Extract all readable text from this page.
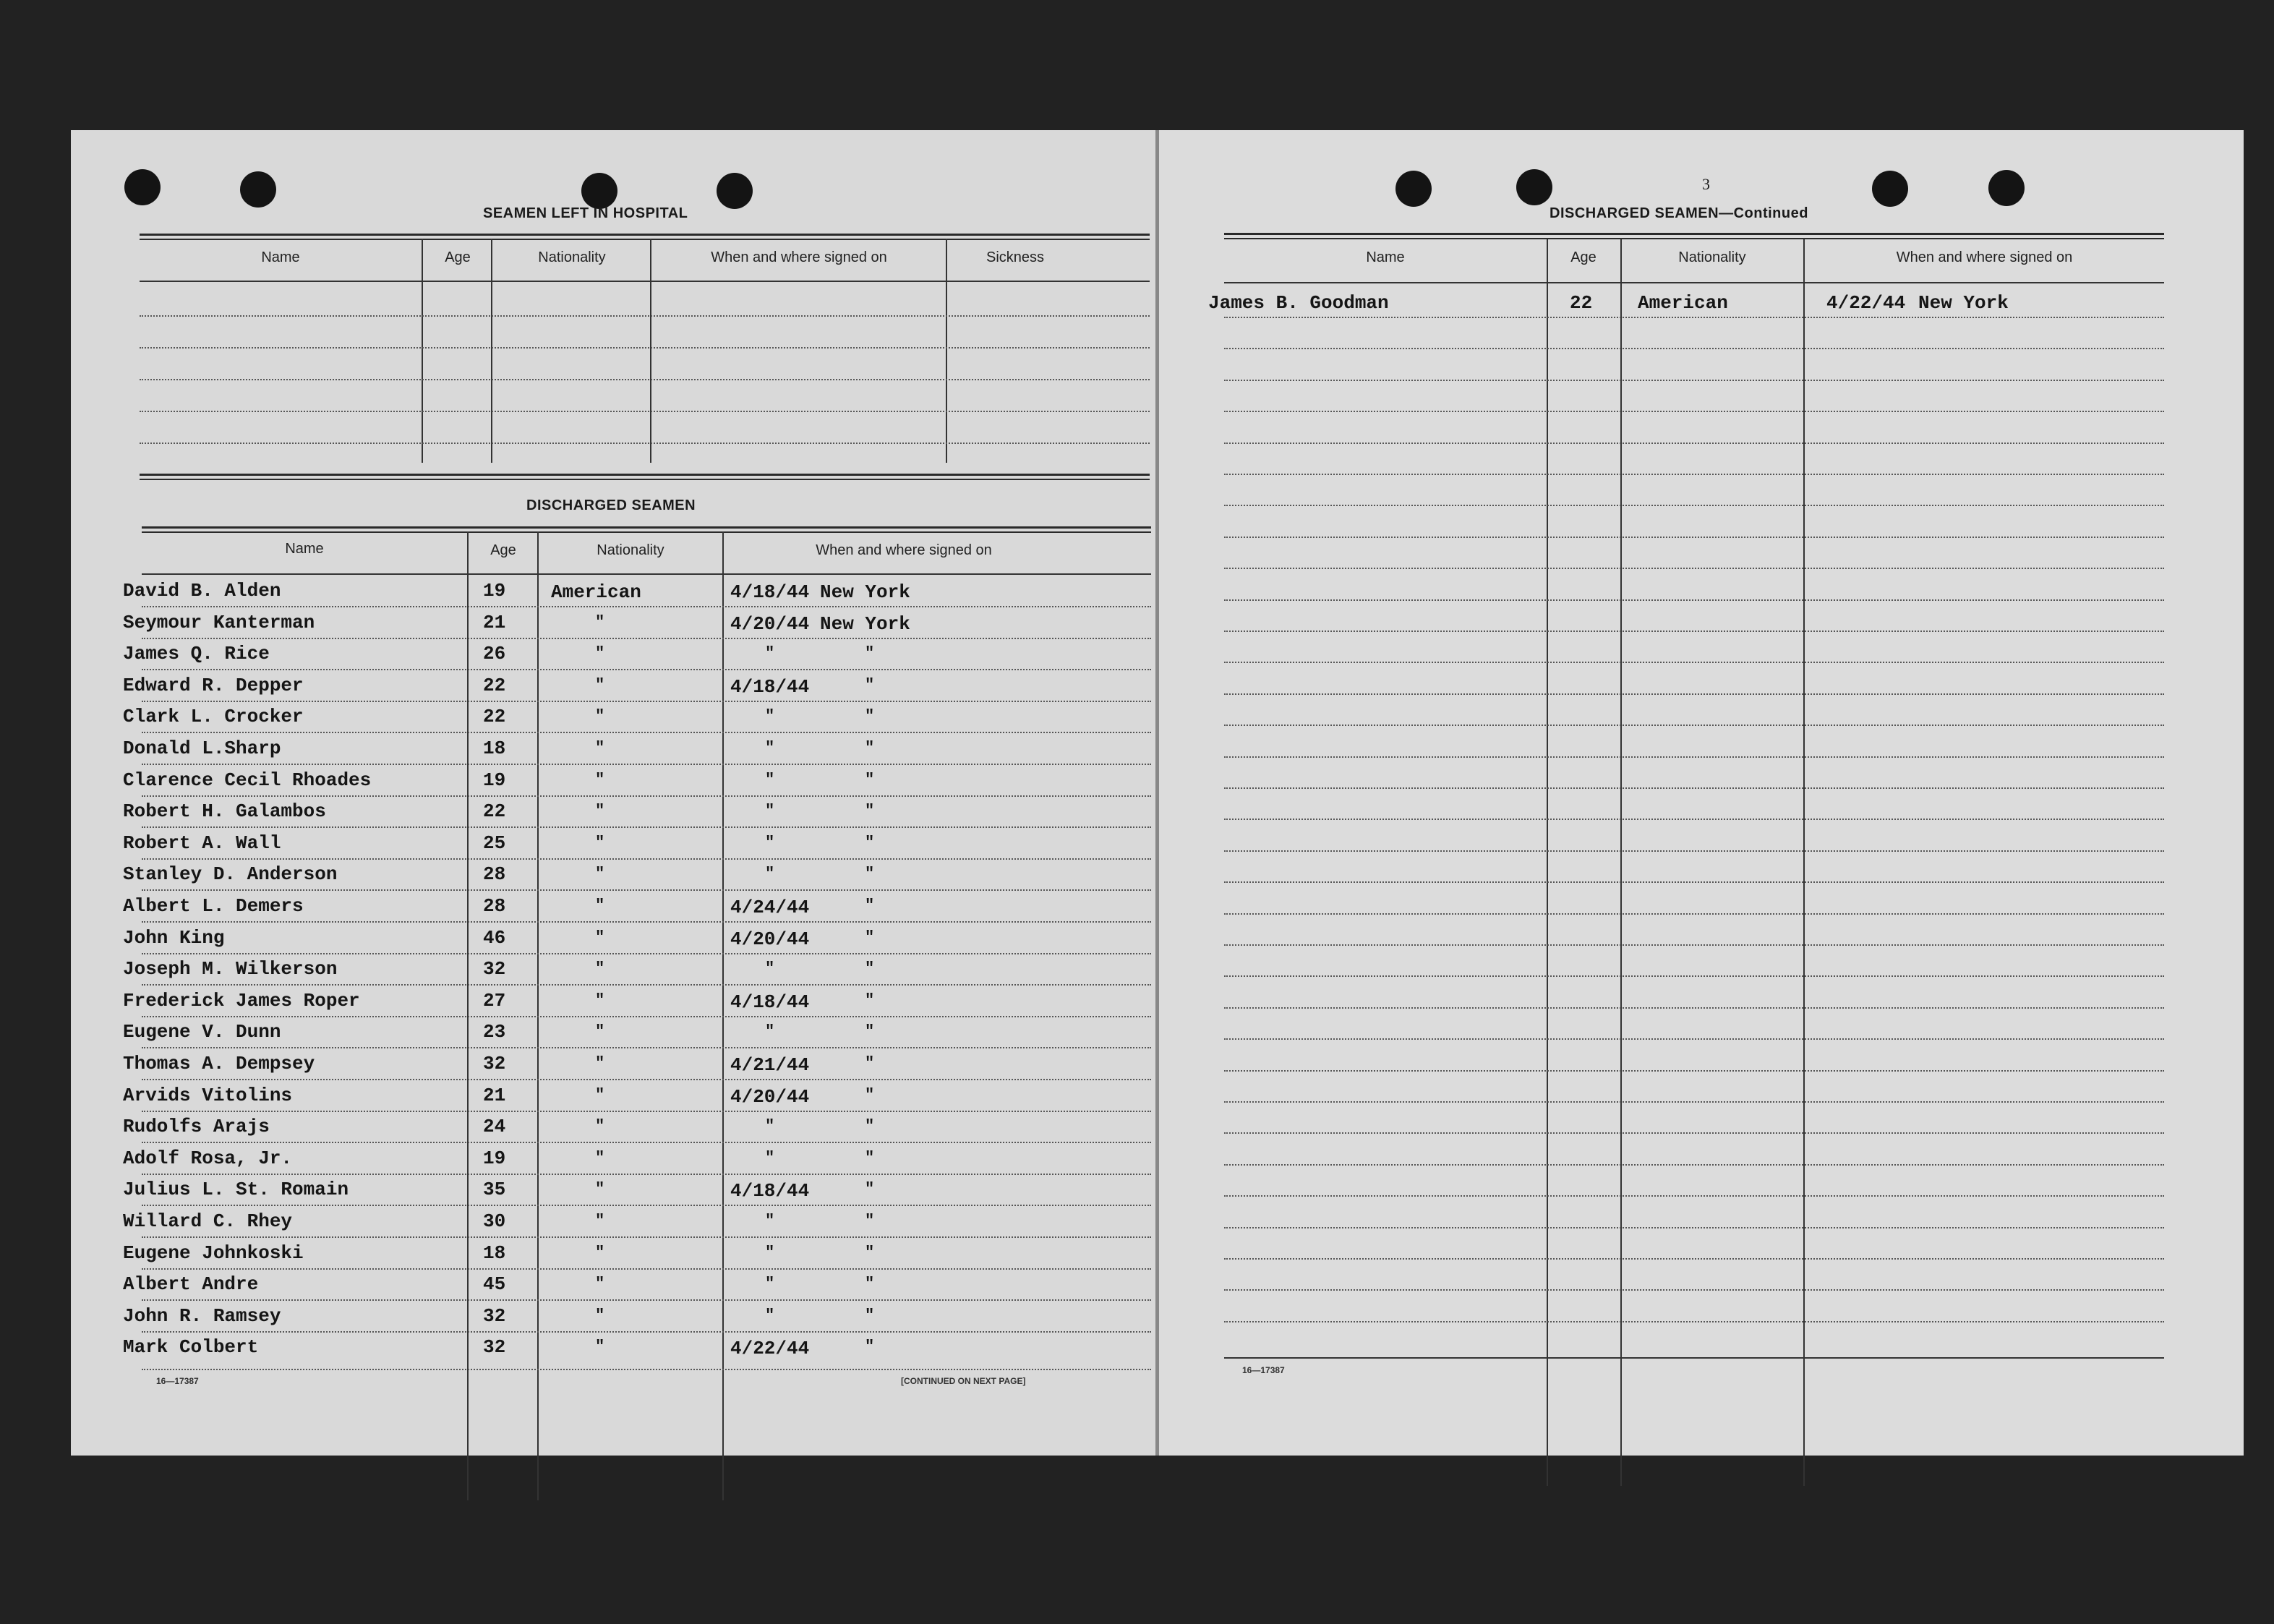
SEAMEN LEFT IN HOSPITAL
Name	Age	Nationality	When and where signed on	Sickness
DISCHARGED SEAMEN
Name	Age	Nationality	When and where signed on
David B. Alden	19 American	4/18/44 New York
Seymour Kanterman	21	"	4/20/44 New York
James Q. Rice	26	"	"	"
Edward R. Depper	22	"	4/18/44	"
Clark L. Crocker	22	"	"	"
Donald L.Sharp	18	"	"	"
Clarence Cecil Rhoades	19	"	"	"
Robert H. Galambos	22	"	"	"
Robert A. Wall	25	"	"	"
Stanley D. Anderson	28	"	"	"
Albert L. Demers	28	"	4/24/44	"
John King	46	"	4/20/44	"
Joseph M. Wilkerson	32	"	"	"
Frederick James Roper	27	"	4/18/44	"
Eugene V. Dunn	23	"	"	"
Thomas A. Dempsey	32	"	4/21/44	"
Arvids Vitolins	21	"	4/20/44	"
Rudolfs Arajs	24	"	"	"
Adolf Rosa, Jr.	19	"	"	"
Julius L. St. Romain	35	"	4/18/44	"
Willard C. Rhey	30	"	"	"
Eugene Johnkoski	18	"	"	"
Albert Andre	45	"	"	"
John R. Ramsey	32	"	"	"
Mark Colbert	32	"	4/22/44	"
16—17387	[CONTINUED ON NEXT PAGE]
3
DISCHARGED SEAMEN—Continued
Name	Age	Nationality	When and where signed on
James B. Goodman	22 American	4/22/44 New York
16—17387
